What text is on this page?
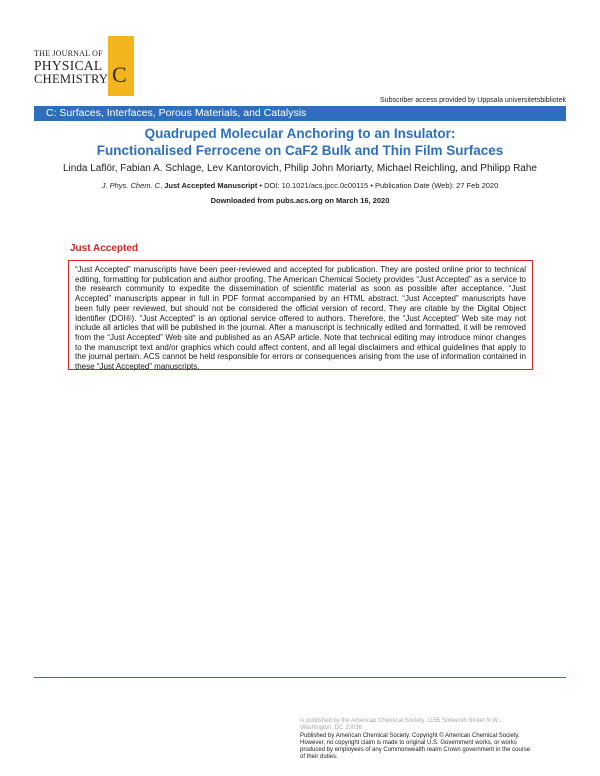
THE JOURNAL OF
PHYSICAL
CHEMISTRY C
Subscriber access provided by Uppsala universitetsbibliotek
C: Surfaces, Interfaces, Porous Materials, and Catalysis
Quadruped Molecular Anchoring to an Insulator:
Functionalised Ferrocene on CaF2 Bulk and Thin Film Surfaces
Linda Laflör, Fabian A. Schlage, Lev Kantorovich, Philip John Moriarty, Michael Reichling, and Philipp Rahe
J. Phys. Chem. C, Just Accepted Manuscript • DOI: 10.1021/acs.jpcc.0c00115 • Publication Date (Web): 27 Feb 2020
Downloaded from pubs.acs.org on March 16, 2020
Just Accepted

“Just Accepted” manuscripts have been peer-reviewed and accepted for publication. They are posted online prior to technical editing, formatting for publication and author proofing. The American Chemical Society provides “Just Accepted” as a service to the research community to expedite the dissemination of scientific material as soon as possible after acceptance. “Just Accepted” manuscripts appear in full in PDF format accompanied by an HTML abstract. “Just Accepted” manuscripts have been fully peer reviewed, but should not be considered the official version of record. They are citable by the Digital Object Identifier (DOI®). “Just Accepted” is an optional service offered to authors. Therefore, the “Just Accepted” Web site may not include all articles that will be published in the journal. After a manuscript is technically edited and formatted, it will be removed from the “Just Accepted” Web site and published as an ASAP article. Note that technical editing may introduce minor changes to the manuscript text and/or graphics which could affect content, and all legal disclaimers and ethical guidelines that apply to the journal pertain. ACS cannot be held responsible for errors or consequences arising from the use of information contained in these “Just Accepted” manuscripts.

is published by the American Chemical Society. 1155 Sixteenth Street N.W.,
Washington, DC 20036
Published by American Chemical Society. Copyright © American Chemical Society.
However, no copyright claim is made to original U.S. Government works, or works
produced by employees of any Commonwealth realm Crown government in the course
of their duties.
